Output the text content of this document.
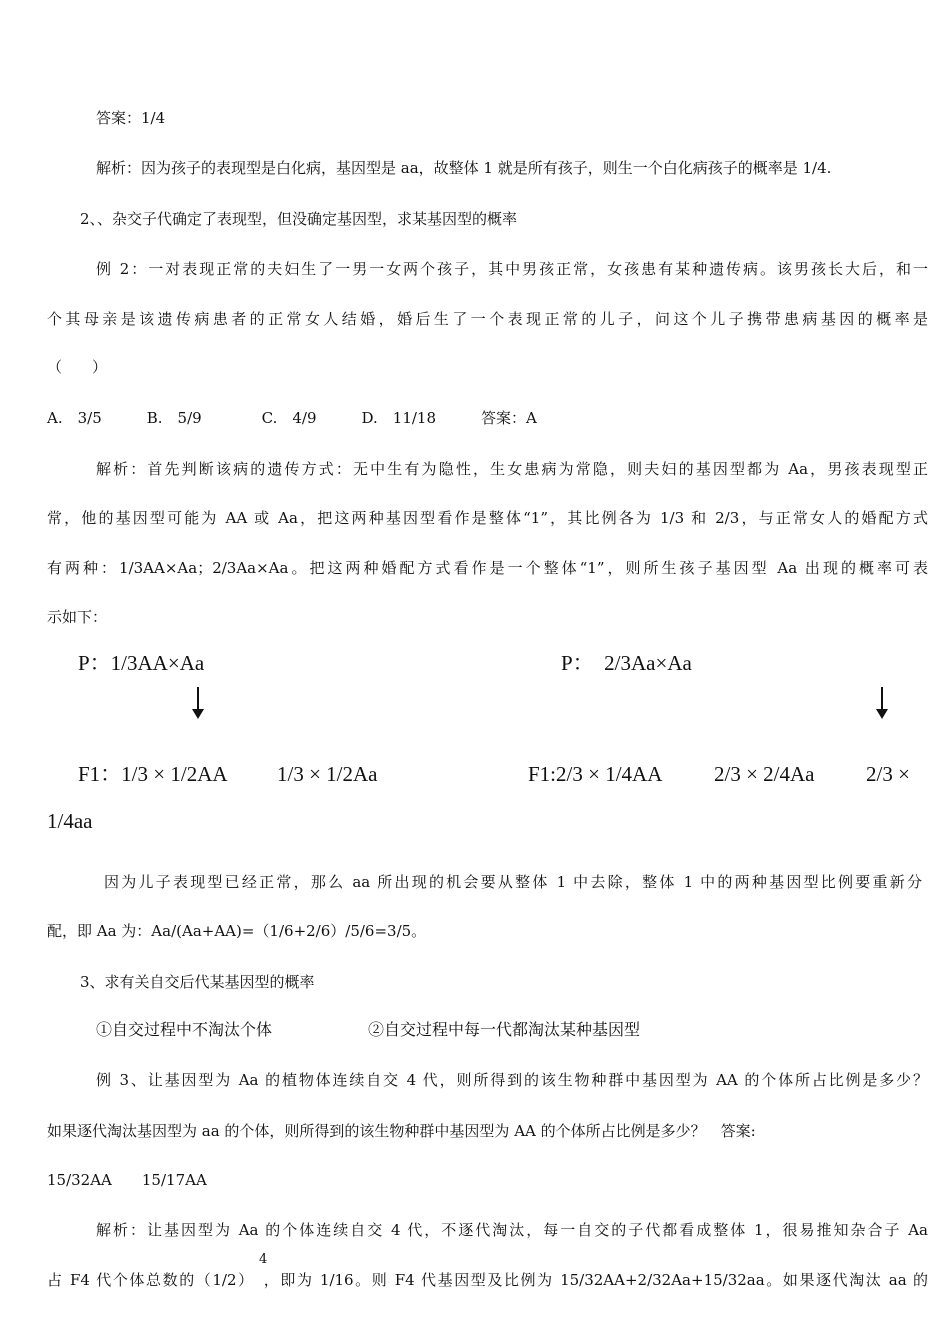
答案：1/4
解析：因为孩子的表现型是白化病，基因型是 aa，故整体 1 就是所有孩子，则生一个白化病孩子的概率是 1/4.
2、、杂交子代确定了表现型，但没确定基因型，求某基因型的概率
例 2：一对表现正常的夫妇生了一男一女两个孩子，其中男孩正常，女孩患有某种遗传病。该男孩长大后，和一
个其母亲是该遗传病患者的正常女人结婚，婚后生了一个表现正常的儿子，问这个儿子携带患病基因的概率是
（　　）
A.　3/5　　　B.　5/9　　　　C.　4/9　　　D.　11/18　　　答案：A
解析：首先判断该病的遗传方式：无中生有为隐性，生女患病为常隐，则夫妇的基因型都为 Aa，男孩表现型正
常，他的基因型可能为 AA 或 Aa，把这两种基因型看作是整体“1”，其比例各为 1/3 和 2/3，与正常女人的婚配方式
有两种：1/3AA×Aa；2/3Aa×Aa。把这两种婚配方式看作是一个整体“1”，则所生孩子基因型 Aa 出现的概率可表
示如下：
P：1/3AA×Aa	P：　2/3Aa×Aa
F1：1/3 × 1/2AA 1/3 × 1/2Aa	F1:2/3 × 1/4AA 2/3 × 2/4Aa 2/3 ×
1/4aa
因为儿子表现型已经正常，那么 aa 所出现的机会要从整体 1 中去除，整体 1 中的两种基因型比例要重新分
配，即 Aa 为：Aa/(Aa+AA)=（1/6+2/6）/5/6=3/5。
3、求有关自交后代某基因型的概率
①自交过程中不淘汰个体	②自交过程中每一代都淘汰某种基因型
例 3、让基因型为 Aa 的植物体连续自交 4 代，则所得到的该生物种群中基因型为 AA 的个体所占比例是多少？
如果逐代淘汰基因型为 aa 的个体，则所得到的该生物种群中基因型为 AA 的个体所占比例是多少？　答案:
15/32AA　　15/17AA
解析：让基因型为 Aa 的个体连续自交 4 代，不逐代淘汰，每一自交的子代都看成整体 1，很易推知杂合子 Aa
4
占 F4 代个体总数的（1/2）　，即为 1/16。则 F4 代基因型及比例为 15/32AA+2/32Aa+15/32aa。如果逐代淘汰 aa 的
